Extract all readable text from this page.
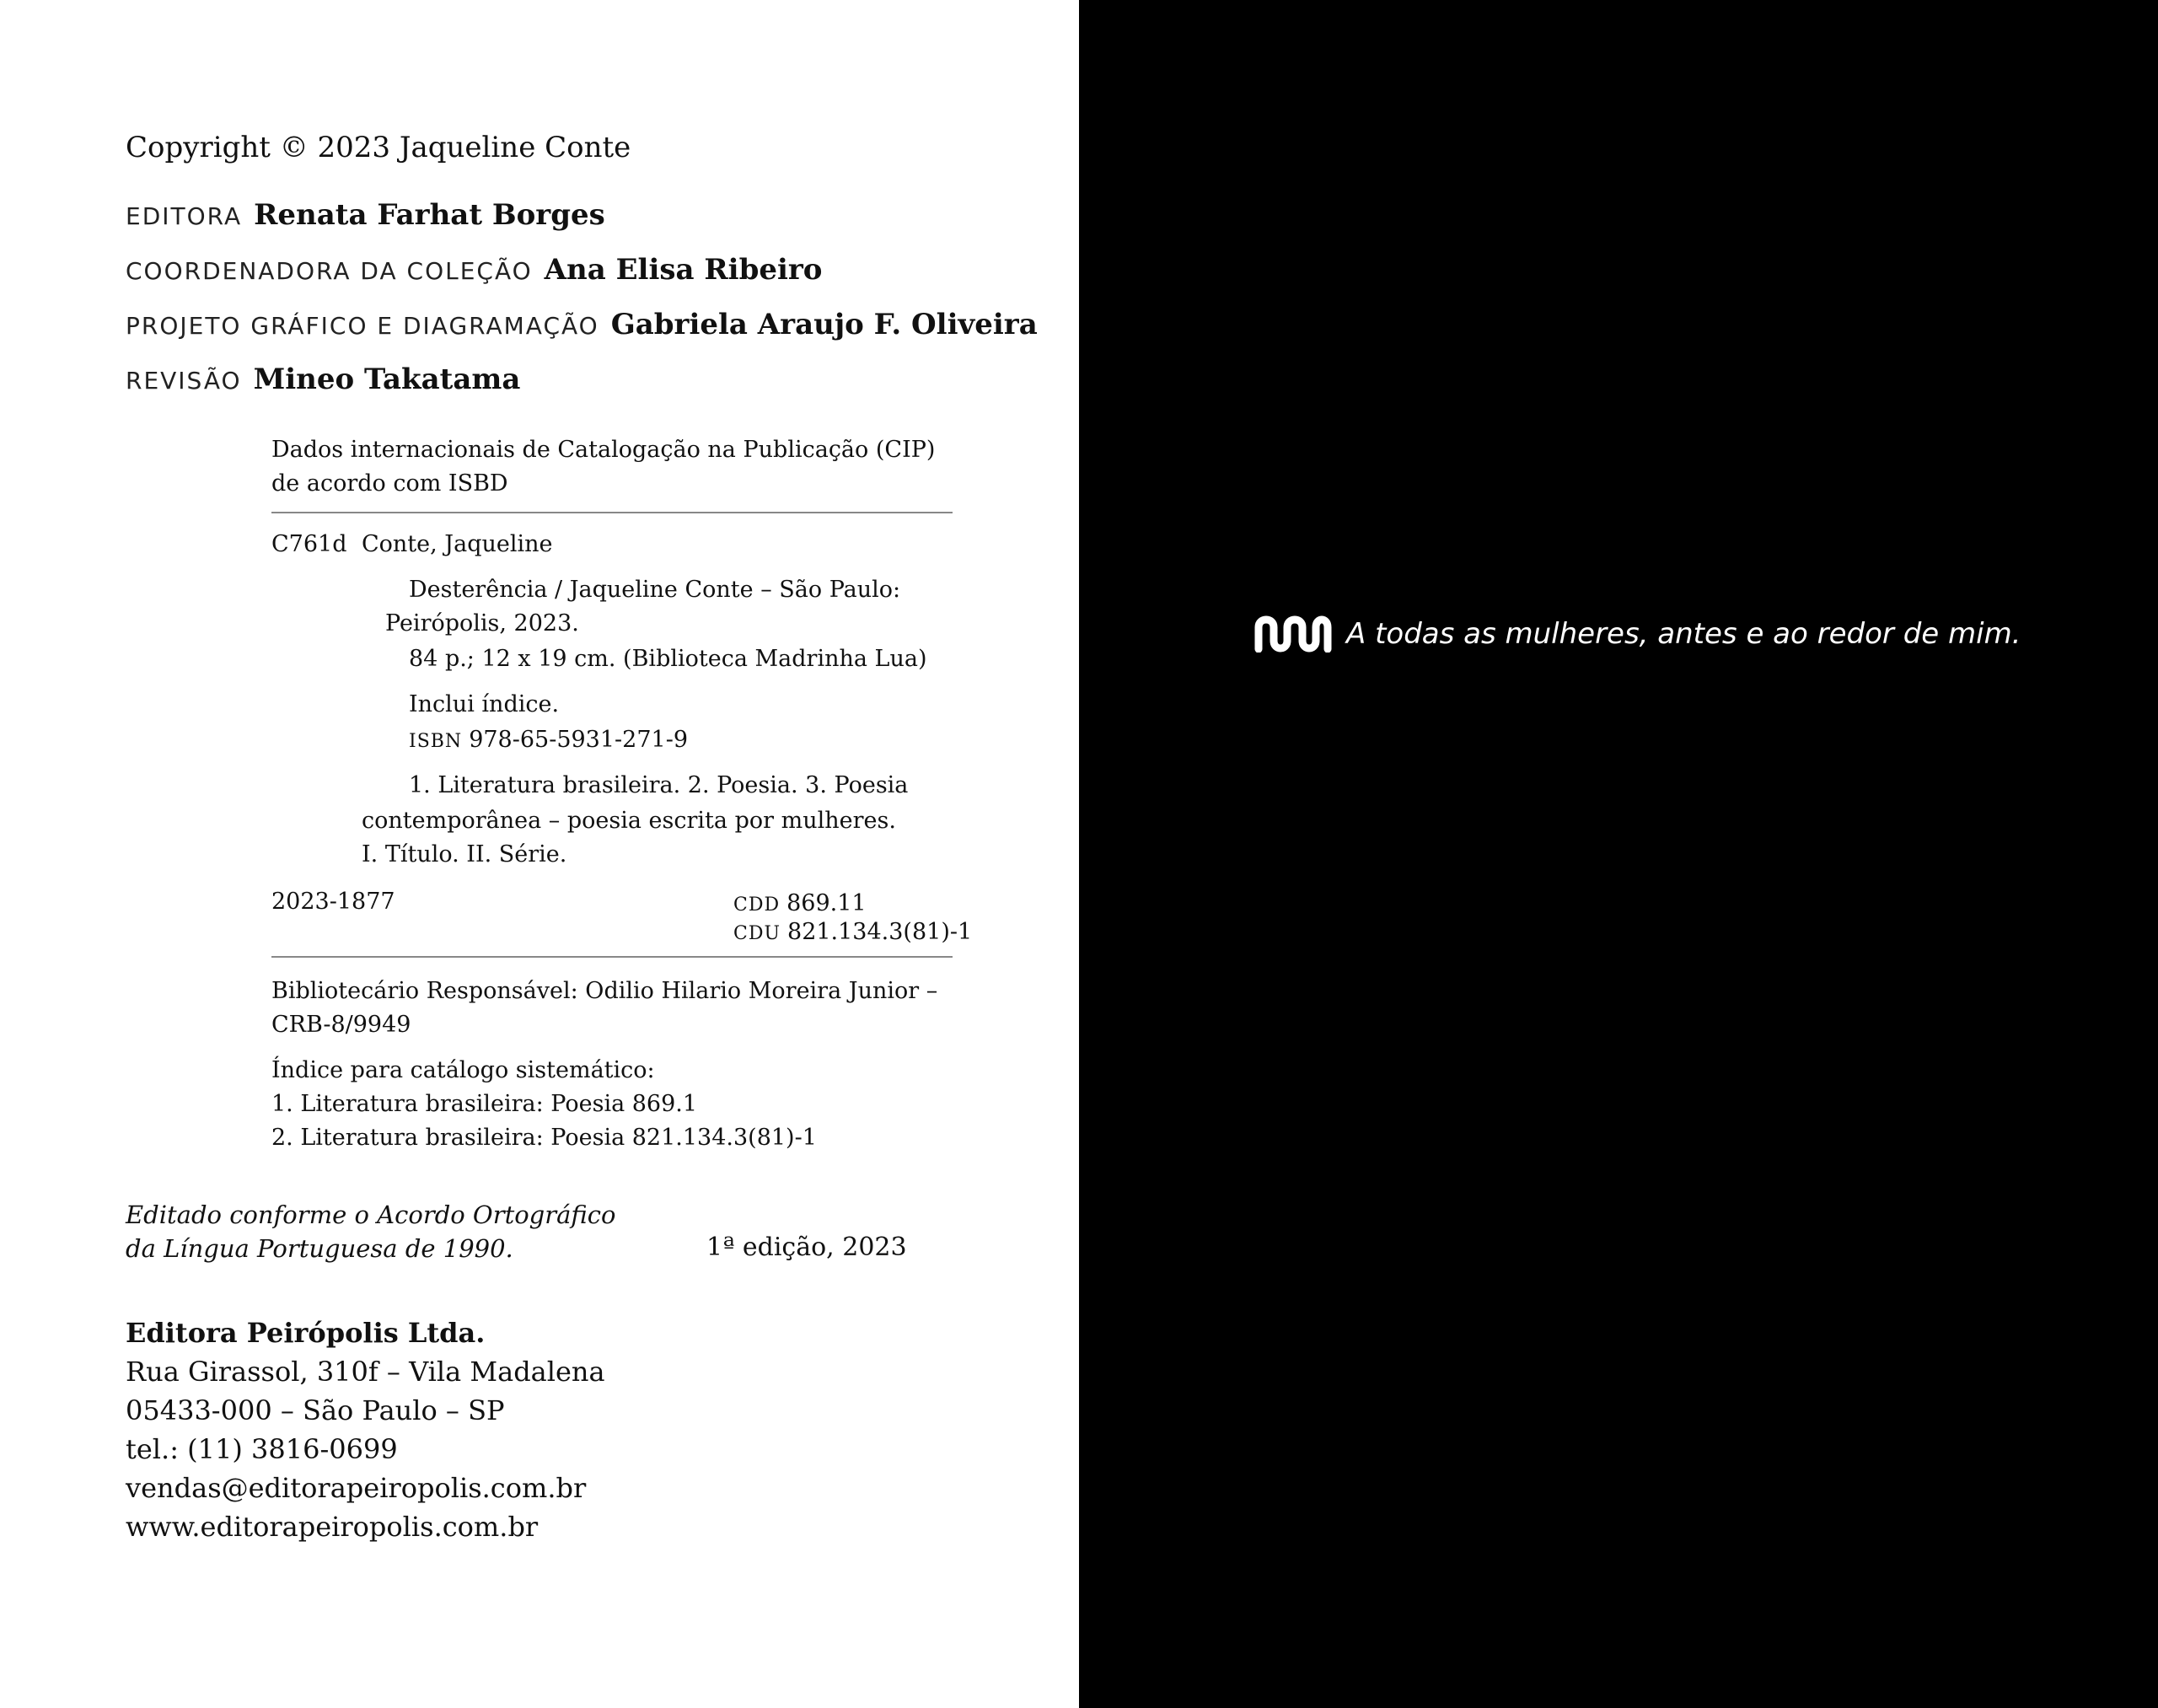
Copyright © 2023 Jaqueline Conte
EDITORA Renata Farhat Borges
COORDENADORA DA COLEÇÃO Ana Elisa Ribeiro
PROJETO GRÁFICO E DIAGRAMAÇÃO Gabriela Araujo F. Oliveira
REVISÃO Mineo Takatama
Dados internacionais de Catalogação na Publicação (CIP)
de acordo com ISBD
C761d Conte, Jaqueline
Desterência / Jaqueline Conte – São Paulo:
Peirópolis, 2023.
84 p.; 12 x 19 cm. (Biblioteca Madrinha Lua)
Inclui índice.
ISBN 978-65-5931-271-9
1. Literatura brasileira. 2. Poesia. 3. Poesia
contemporânea – poesia escrita por mulheres.
I. Título. II. Série.
2023-1877	CDD 869.11
CDU 821.134.3(81)-1
Bibliotecário Responsável: Odilio Hilario Moreira Junior –
CRB-8/9949
Índice para catálogo sistemático:
1. Literatura brasileira: Poesia 869.1
2. Literatura brasileira: Poesia 821.134.3(81)-1
Editado conforme o Acordo Ortográfico
da Língua Portuguesa de 1990.	1ª edição, 2023
Editora Peirópolis Ltda.
Rua Girassol, 310f – Vila Madalena
05433-000 – São Paulo – SP
tel.: (11) 3816-0699
vendas@editorapeiropolis.com.br
www.editorapeiropolis.com.br
A todas as mulheres, antes e ao redor de mim.
